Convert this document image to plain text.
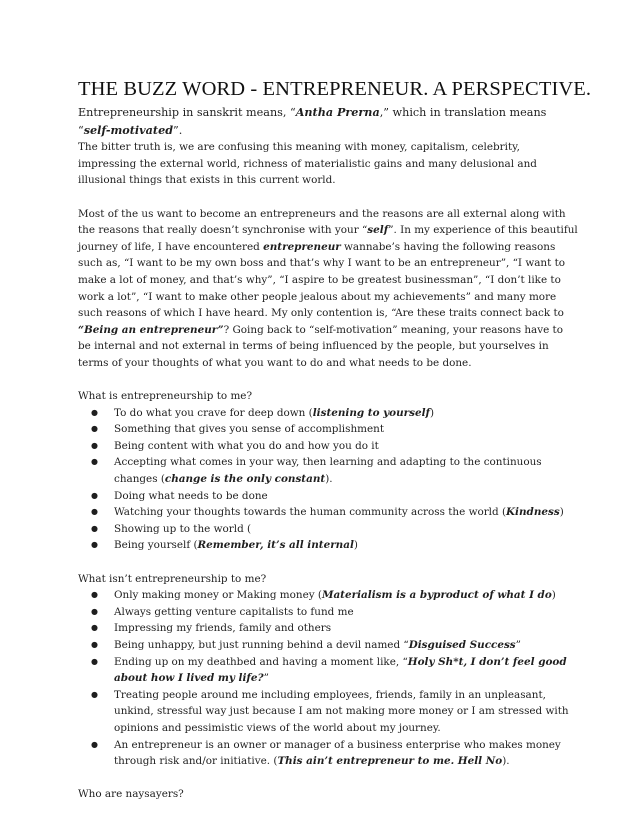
THE BUZZ WORD - ENTREPRENEUR. A PERSPECTIVE.

Entrepreneurship in sanskrit means, “Antha Prerna,” which in translation means “self-motivated”.
The bitter truth is, we are confusing this meaning with money, capitalism, celebrity, impressing the external world, richness of materialistic gains and many delusional and illusional things that exists in this current world.

Most of the us want to become an entrepreneurs and the reasons are all external along with the reasons that really doesn’t synchronise with your “self”. In my experience of this beautiful journey of life, I have encountered entrepreneur wannabe’s having the following reasons such as, “I want to be my own boss and that’s why I want to be an entrepreneur”, “I want to make a lot of money, and that’s why”, “I aspire to be greatest businessman”, “I don’t like to work a lot”, “I want to make other people jealous about my achievements” and many more such reasons of which I have heard. My only contention is, “Are these traits connect back to “Being an entrepreneur”? Going back to “self-motivation” meaning, your reasons have to be internal and not external in terms of being influenced by the people, but yourselves in terms of your thoughts of what you want to do and what needs to be done.

What is entrepreneurship to me?

● To do what you crave for deep down (listening to yourself)
● Something that gives you sense of accomplishment
● Being content with what you do and how you do it
● Accepting what comes in your way, then learning and adapting to the continuous changes (change is the only constant).
● Doing what needs to be done
● Watching your thoughts towards the human community across the world (Kindness)
● Showing up to the world (
● Being yourself (Remember, it’s all internal)

What isn’t entrepreneurship to me?

● Only making money or Making money (Materialism is a byproduct of what I do)
● Always getting venture capitalists to fund me
● Impressing my friends, family and others
● Being unhappy, but just running behind a devil named “Disguised Success”
● Ending up on my deathbed and having a moment like, “Holy Sh*t, I don’t feel good about how I lived my life?”
● Treating people around me including employees, friends, family in an unpleasant, unkind, stressful way just because I am not making more money or I am stressed with opinions and pessimistic views of the world about my journey.
● An entrepreneur is an owner or manager of a business enterprise who makes money through risk and/or initiative. (This ain’t entrepreneur to me. Hell No).

Who are naysayers?
